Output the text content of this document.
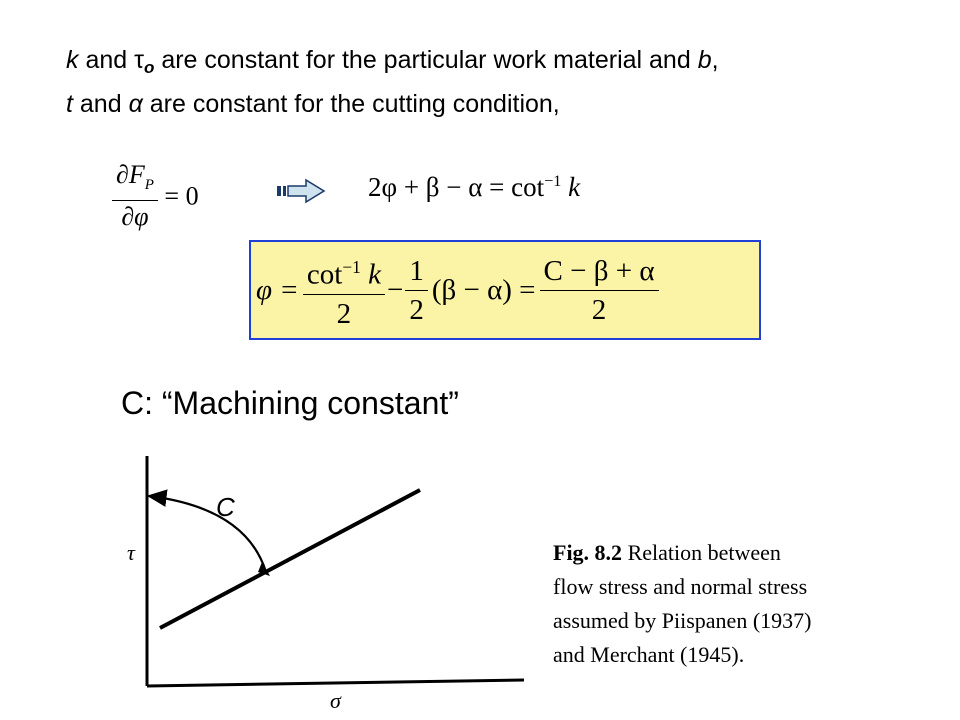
k and $\tau_o$ are constant for the particular work material and b,
t and α are constant for the cutting condition,
$\frac{\partial F_P}{\partial\varphi} = 0$	$2\varphi + \beta - \alpha = \cot^{-1} k$
$\varphi = \frac{\cot^{-1} k}{2} - \frac{1}{2} (\beta - \alpha) = \frac{C - \beta + \alpha}{2}$
C: “Machining constant”
τ
σ
C
Fig. 8.2 Relation between
flow stress and normal stress
assumed by Piispanen (1937)
and Merchant (1945).
